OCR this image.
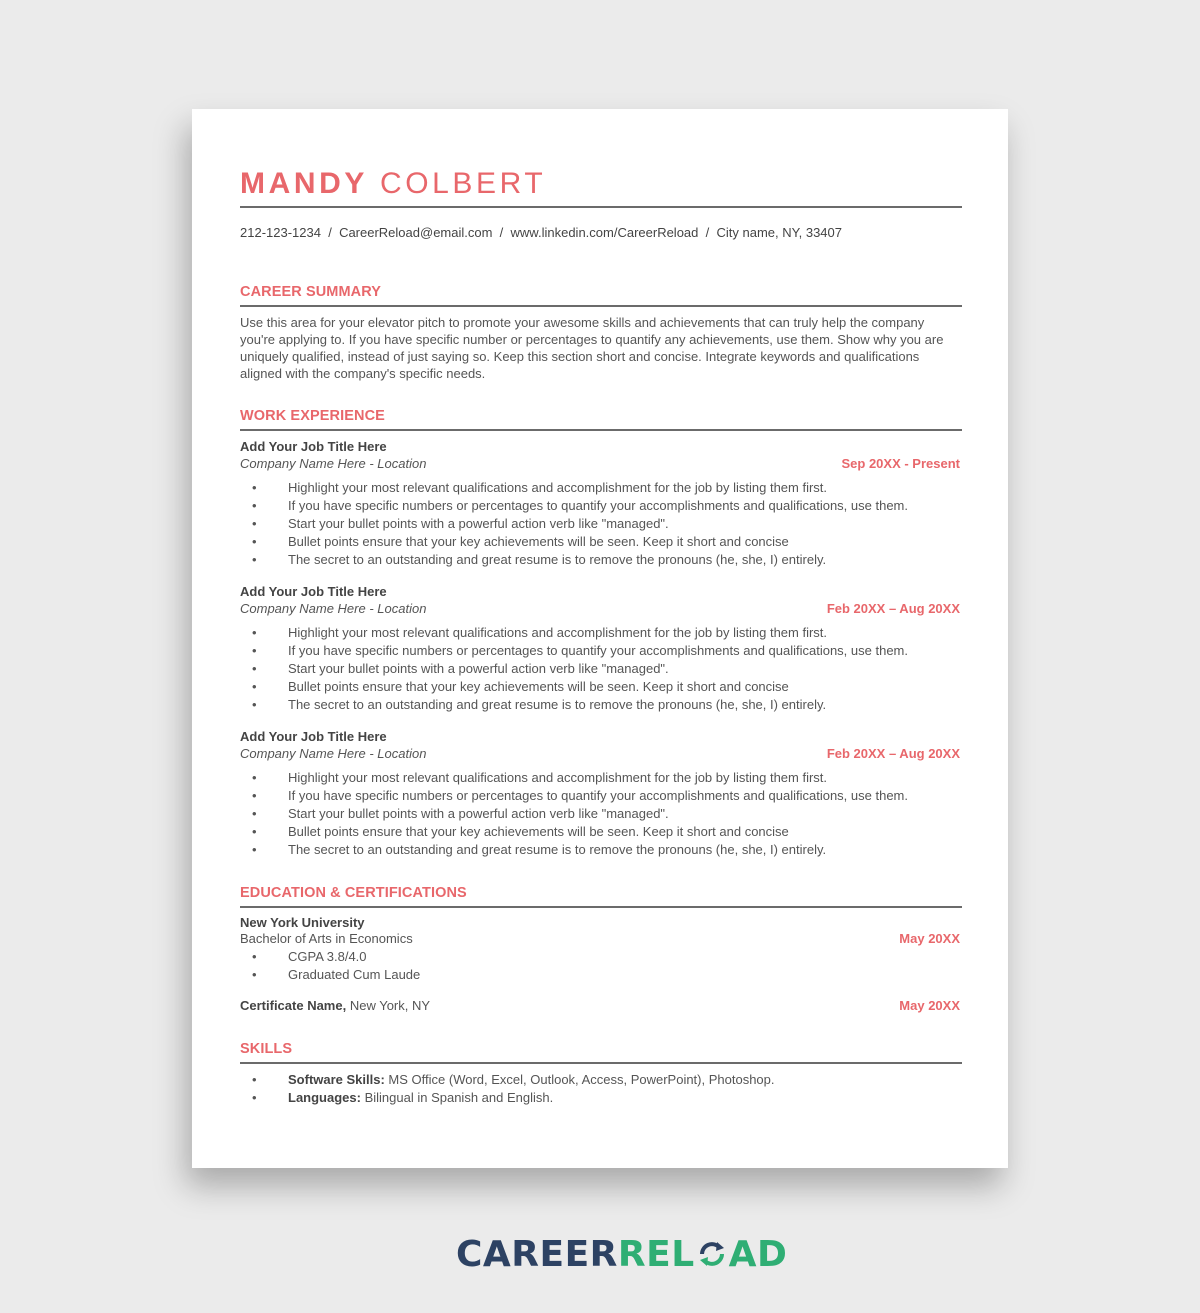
MANDY COLBERT
212-123-1234 / CareerReload@email.com / www.linkedin.com/CareerReload / City name, NY, 33407
CAREER SUMMARY
Use this area for your elevator pitch to promote your awesome skills and achievements that can truly help the company you're applying to. If you have specific number or percentages to quantify any achievements, use them. Show why you are uniquely qualified, instead of just saying so. Keep this section short and concise. Integrate keywords and qualifications aligned with the company's specific needs.
WORK EXPERIENCE
Add Your Job Title Here
Company Name Here - Location	Sep 20XX - Present
• Highlight your most relevant qualifications and accomplishment for the job by listing them first.
• If you have specific numbers or percentages to quantify your accomplishments and qualifications, use them.
• Start your bullet points with a powerful action verb like "managed".
• Bullet points ensure that your key achievements will be seen. Keep it short and concise
• The secret to an outstanding and great resume is to remove the pronouns (he, she, I) entirely.
Add Your Job Title Here
Company Name Here - Location	Feb 20XX – Aug 20XX
• Highlight your most relevant qualifications and accomplishment for the job by listing them first.
• If you have specific numbers or percentages to quantify your accomplishments and qualifications, use them.
• Start your bullet points with a powerful action verb like "managed".
• Bullet points ensure that your key achievements will be seen. Keep it short and concise
• The secret to an outstanding and great resume is to remove the pronouns (he, she, I) entirely.
Add Your Job Title Here
Company Name Here - Location	Feb 20XX – Aug 20XX
• Highlight your most relevant qualifications and accomplishment for the job by listing them first.
• If you have specific numbers or percentages to quantify your accomplishments and qualifications, use them.
• Start your bullet points with a powerful action verb like "managed".
• Bullet points ensure that your key achievements will be seen. Keep it short and concise
• The secret to an outstanding and great resume is to remove the pronouns (he, she, I) entirely.
EDUCATION & CERTIFICATIONS
New York University
Bachelor of Arts in Economics	May 20XX
• CGPA 3.8/4.0
• Graduated Cum Laude
Certificate Name, New York, NY	May 20XX
SKILLS
• Software Skills: MS Office (Word, Excel, Outlook, Access, PowerPoint), Photoshop.
• Languages: Bilingual in Spanish and English.
CAREERREL AD
